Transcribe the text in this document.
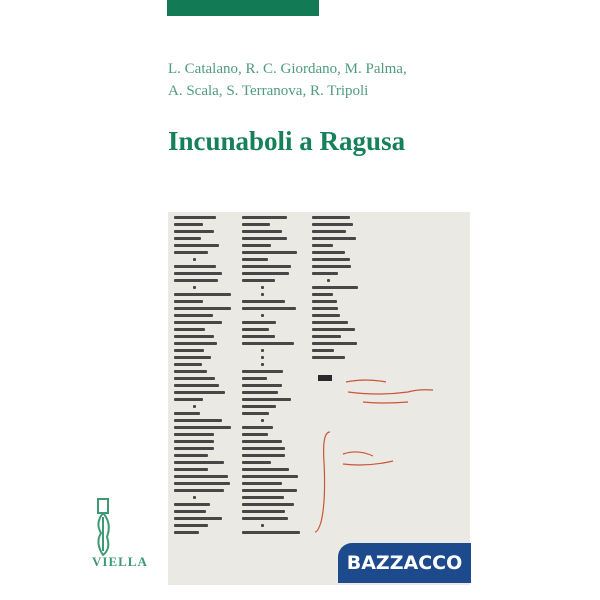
L. Catalano, R. C. Giordano, M. Palma,
A. Scala, S. Terranova, R. Tripoli
Incunaboli a Ragusa
VIELLA	BAZZACCO
